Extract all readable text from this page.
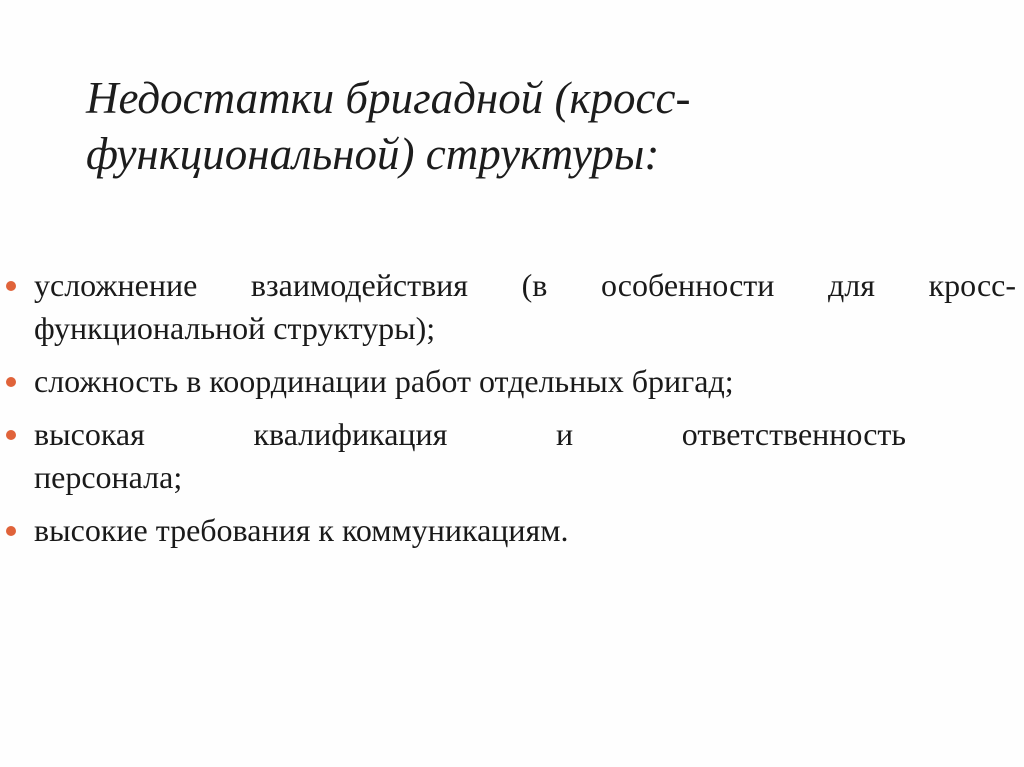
Недостатки бригадной (кросс-
функциональной) структуры:
усложнение взаимодействия (в особенности для кросс-
функциональной структуры);
сложность в координации работ отдельных бригад;
высокая квалификация и ответственность
персонала;
высокие требования к коммуникациям.
